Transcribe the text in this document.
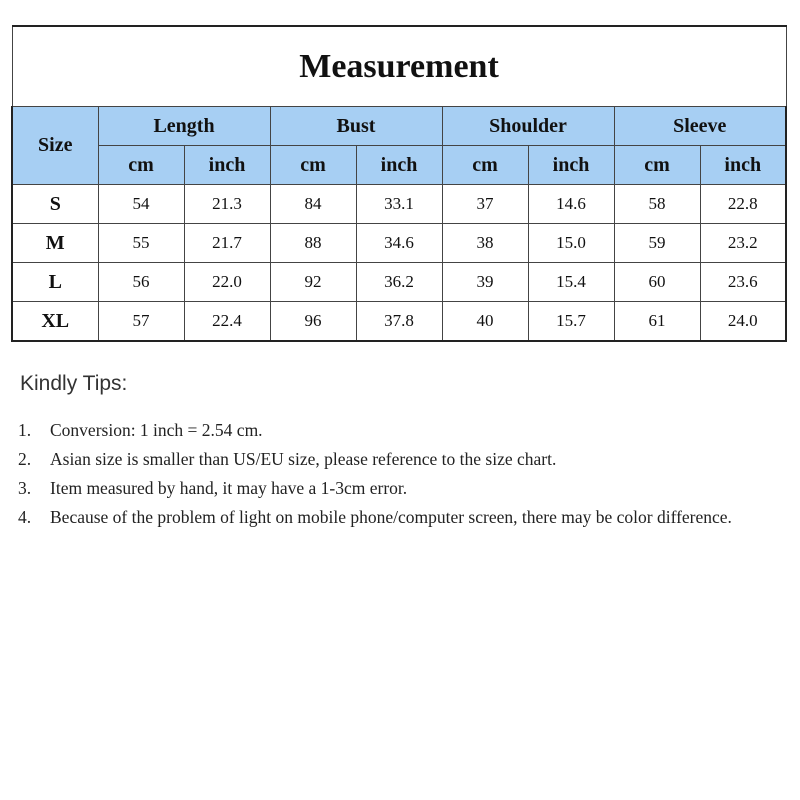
Measurement								
Size	Length		Bust		Shoulder		Sleeve	
	cm	inch	cm	inch	cm	inch	cm	inch
S	54	21.3	84	33.1	37	14.6	58	22.8
M	55	21.7	88	34.6	38	15.0	59	23.2
L	56	22.0	92	36.2	39	15.4	60	23.6
XL	57	22.4	96	37.8	40	15.7	61	24.0
Kindly Tips:
1.	Conversion: 1 inch = 2.54 cm.
2.	Asian size is smaller than US/EU size, please reference to the size chart.
3.	Item measured by hand, it may have a 1-3cm error.
4.	Because of the problem of light on mobile phone/computer screen, there may be color difference.
